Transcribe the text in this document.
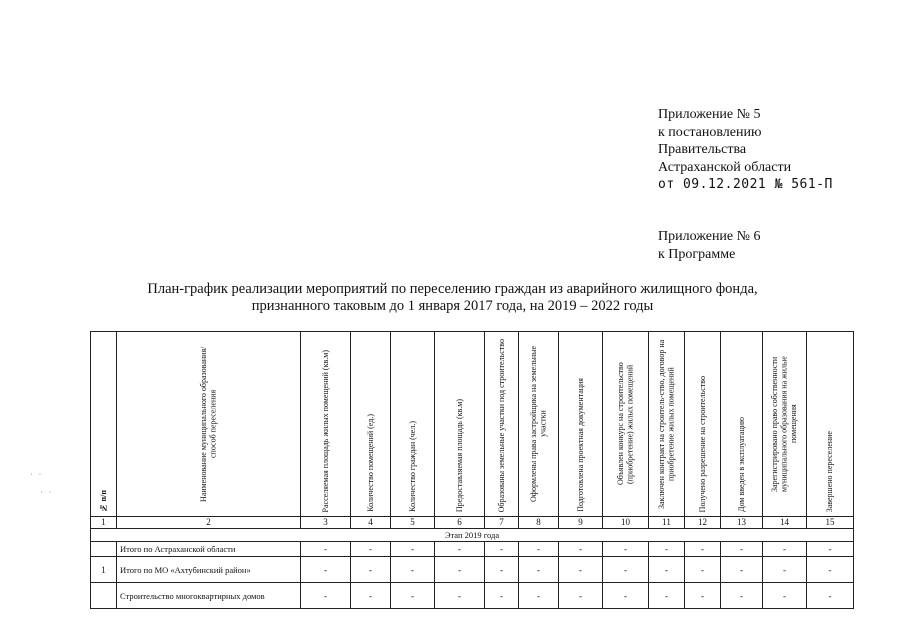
Приложение № 5
к постановлению
Правительства
Астраханской области
от 09.12.2021 № 561-П
Приложение № 6
к Программе
План-график реализации мероприятий по переселению граждан из аварийного жилищного фонда,
признанного таковым до 1 января 2017 года, на 2019 – 2022 годы
· ·
· ·	№ п/п	Наименование муниципального образования/ способ переселения	Расселяемая площадь жилых помещений (кв.м)	Количество помещений (ед.)	Количество граждан (чел.)	Предоставляемая площадь (кв.м)	Образованы земельные участки под строительство	Оформлены права застройщика на земельные участки	Подготовлена проектная документация	Объявлен конкурс на строительство (приобретение) жилых помещений	Заключен контракт на строитель-ство, договор на приобретение жилых помещений	Получено разрешение на строительство	Дом введен в эксплуатацию	Зарегистрировано право собственности муниципального образования на жилые помещения	Завершено переселение

1	2	3	4	5	6	7	8	9	10	11	12	13	14	15
Этап 2019 года														
	Итого по Астраханской области	-	-	-	-	-	-	-	-	-	-	-	-	-
1	Итого по МО «Ахтубинский район»	-	-	-	-	-	-	-	-	-	-	-	-	-
	Строительство многоквартирных домов	-	-	-	-	-	-	-	-	-	-	-	-	-
